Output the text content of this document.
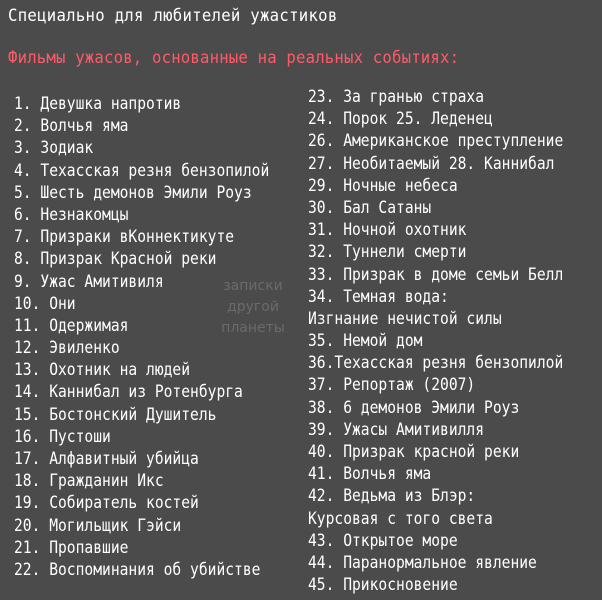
Специально для любителей ужастиков
Фильмы ужасов, основанные на реальных событиях:
1. Девушка напротив
2. Волчья яма
3. Зодиак
4. Техасская резня бензопилой
5. Шесть демонов Эмили Роуз
6. Незнакомцы
7. Призраки вКоннектикуте
8. Призрак Красной реки
9. Ужас Амитивиля
10. Они
11. Одержимая
12. Эвиленко
13. Охотник на людей
14. Каннибал из Ротенбурга
15. Бостонский Душитель
16. Пустоши
17. Алфавитный убийца
18. Гражданин Икс
19. Собиратель костей
20. Могильщик Гэйси
21. Пропавшие
22. Воспоминания об убийстве
23. За гранью страха
24. Порок 25. Леденец
26. Американское преступление
27. Необитаемый 28. Каннибал
29. Ночные небеса
30. Бал Сатаны
31. Ночной охотник
32. Туннели смерти
33. Призрак в доме семьи Белл
34. Темная вода:
Изгнание нечистой силы
35. Немой дом
36.Техасская резня бензопилой
37. Репортаж (2007)
38. 6 демонов Эмили Роуз
39. Ужасы Амитивилля
40. Призрак красной реки
41. Волчья яма
42. Ведьма из Блэр:
Курсовая с того света
43. Открытое море
44. Паранормальное явление
45. Прикосновение
записки
другой
планеты
